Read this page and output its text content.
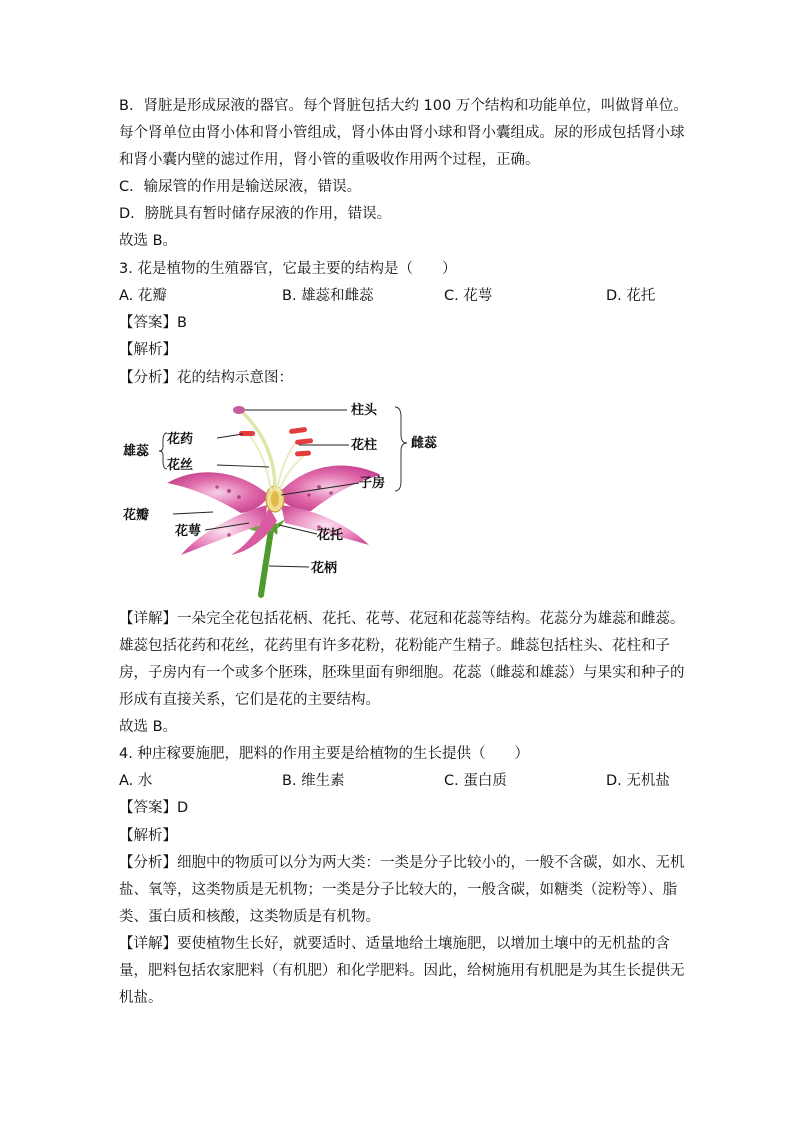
B．肾脏是形成尿液的器官。每个肾脏包括大约 100 万个结构和功能单位，叫做肾单位。
每个肾单位由肾小体和肾小管组成，肾小体由肾小球和肾小囊组成。尿的形成包括肾小球
和肾小囊内壁的滤过作用，肾小管的重吸收作用两个过程，正确。
C．输尿管的作用是输送尿液，错误。
D．膀胱具有暂时储存尿液的作用，错误。
故选 B。
3. 花是植物的生殖器官，它最主要的结构是（　　）
A. 花瓣	B. 雄蕊和雌蕊	C. 花萼	D. 花托
【答案】B
【解析】
【分析】花的结构示意图：
柱头
花药	花柱
雄蕊
雌蕊
花丝
子房
花瓣
花萼	花托
花柄
【详解】一朵完全花包括花柄、花托、花萼、花冠和花蕊等结构。花蕊分为雄蕊和雌蕊。
雄蕊包括花药和花丝，花药里有许多花粉，花粉能产生精子。雌蕊包括柱头、花柱和子
房，子房内有一个或多个胚珠，胚珠里面有卵细胞。花蕊（雌蕊和雄蕊）与果实和种子的
形成有直接关系，它们是花的主要结构。
故选 B。
4. 种庄稼要施肥，肥料的作用主要是给植物的生长提供（　　）
A. 水	B. 维生素	C. 蛋白质	D. 无机盐
【答案】D
【解析】
【分析】细胞中的物质可以分为两大类：一类是分子比较小的，一般不含碳，如水、无机
盐、氧等，这类物质是无机物；一类是分子比较大的，一般含碳，如糖类（淀粉等）、脂
类、蛋白质和核酸，这类物质是有机物。
【详解】要使植物生长好，就要适时、适量地给土壤施肥，以增加土壤中的无机盐的含
量，肥料包括农家肥料（有机肥）和化学肥料。因此，给树施用有机肥是为其生长提供无
机盐。
